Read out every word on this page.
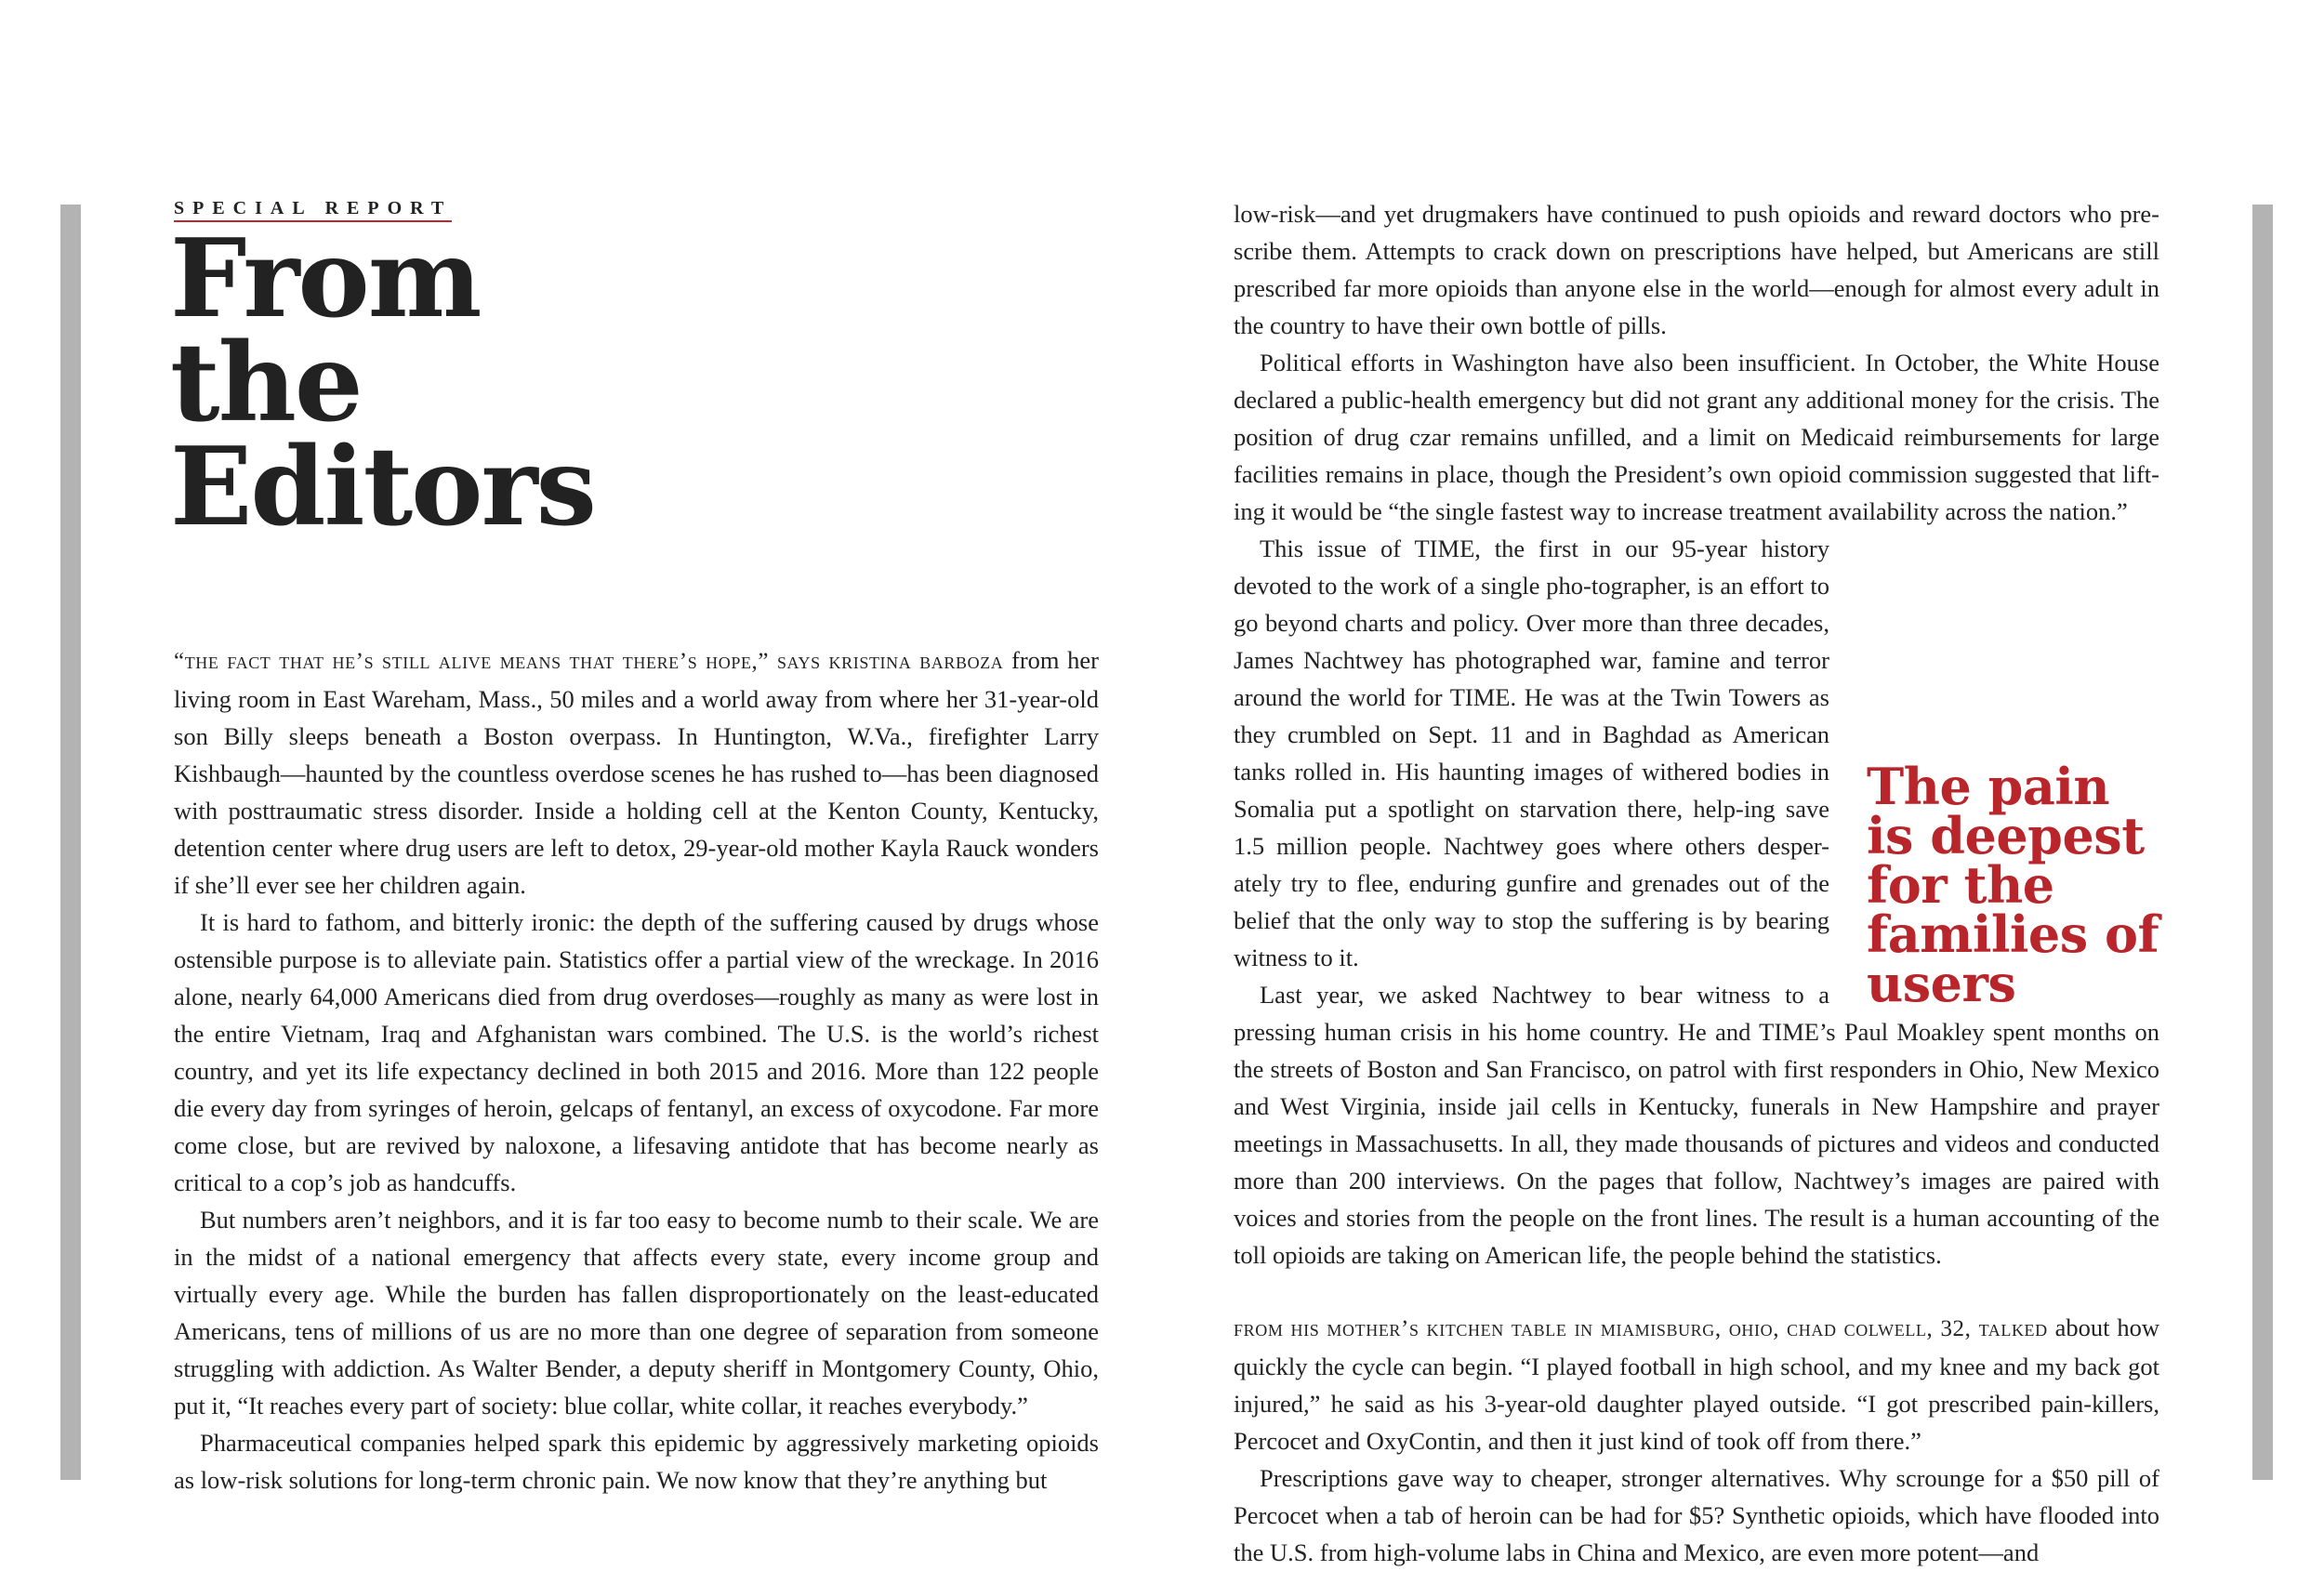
SPECIAL REPORT
From
the
Editors

“the fact that he’s still alive means that there’s hope,” says kristina barboza from her living room in East Wareham, Mass., 50 miles and a world away from where her 31-year-old son Billy sleeps beneath a Boston overpass. In Huntington, W.Va., firefighter Larry Kishbaugh—haunted by the countless overdose scenes he has rushed to—has been diagnosed with posttraumatic stress disorder. Inside a holding cell at the Kenton County, Kentucky, detention center where drug users are left to detox, 29-year-old mother Kayla Rauck wonders if she’ll ever see her children again.

It is hard to fathom, and bitterly ironic: the depth of the suffering caused by drugs whose ostensible purpose is to alleviate pain. Statistics offer a partial view of the wreckage. In 2016 alone, nearly 64,000 Americans died from drug overdoses—roughly as many as were lost in the entire Vietnam, Iraq and Afghanistan wars combined. The U.S. is the world’s richest country, and yet its life expectancy declined in both 2015 and 2016. More than 122 people die every day from syringes of heroin, gelcaps of fentanyl, an excess of oxycodone. Far more come close, but are revived by naloxone, a lifesaving antidote that has become nearly as critical to a cop’s job as handcuffs.

But numbers aren’t neighbors, and it is far too easy to become numb to their scale. We are in the midst of a national emergency that affects every state, every income group and virtually every age. While the burden has fallen disproportionately on the least-educated Americans, tens of millions of us are no more than one degree of separation from someone struggling with addiction. As Walter Bender, a deputy sheriff in Montgomery County, Ohio, put it, “It reaches every part of society: blue collar, white collar, it reaches everybody.”

Pharmaceutical companies helped spark this epidemic by aggressively marketing opioids as low-risk solutions for long-term chronic pain. We now know that they’re anything but

low-risk—and yet drugmakers have continued to push opioids and reward doctors who pre-scribe them. Attempts to crack down on prescriptions have helped, but Americans are still prescribed far more opioids than anyone else in the world—enough for almost every adult in the country to have their own bottle of pills.

Political efforts in Washington have also been insufficient. In October, the White House declared a public-health emergency but did not grant any additional money for the crisis. The position of drug czar remains unfilled, and a limit on Medicaid reimbursements for large facilities remains in place, though the President’s own opioid commission suggested that lift-ing it would be “the single fastest way to increase treatment availability across the nation.”

The pain is deepest for the families of users

This issue of TIME, the first in our 95-year history devoted to the work of a single pho-tographer, is an effort to go beyond charts and policy. Over more than three decades, James Nachtwey has photographed war, famine and terror around the world for TIME. He was at the Twin Towers as they crumbled on Sept. 11 and in Baghdad as American tanks rolled in. His haunting images of withered bodies in Somalia put a spotlight on starvation there, help-ing save 1.5 million people. Nachtwey goes where others desper-ately try to flee, enduring gunfire and grenades out of the belief that the only way to stop the suffering is by bearing witness to it.

Last year, we asked Nachtwey to bear witness to a pressing human crisis in his home country. He and TIME’s Paul Moakley spent months on the streets of Boston and San Francisco, on patrol with first responders in Ohio, New Mexico and West Virginia, inside jail cells in Kentucky, funerals in New Hampshire and prayer meetings in Massachusetts. In all, they made thousands of pictures and videos and conducted more than 200 interviews. On the pages that follow, Nachtwey’s images are paired with voices and stories from the people on the front lines. The result is a human accounting of the toll opioids are taking on American life, the people behind the statistics.

from his mother’s kitchen table in miamisburg, ohio, chad colwell, 32, talked about how quickly the cycle can begin. “I played football in high school, and my knee and my back got injured,” he said as his 3-year-old daughter played outside. “I got prescribed pain-killers, Percocet and OxyContin, and then it just kind of took off from there.”

Prescriptions gave way to cheaper, stronger alternatives. Why scrounge for a $50 pill of Percocet when a tab of heroin can be had for $5? Synthetic opioids, which have flooded into the U.S. from high-volume labs in China and Mexico, are even more potent—and
